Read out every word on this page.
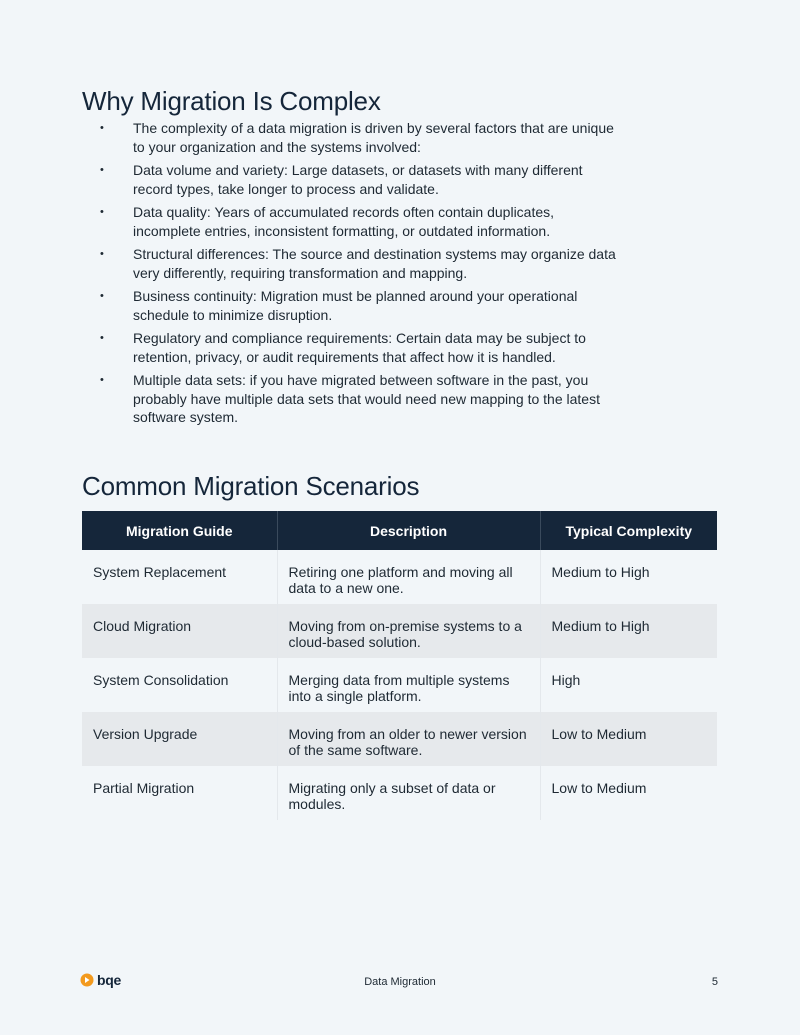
Why Migration Is Complex
• The complexity of a data migration is driven by several factors that are unique to your organization and the systems involved:
• Data volume and variety: Large datasets, or datasets with many different record types, take longer to process and validate.
• Data quality: Years of accumulated records often contain duplicates, incomplete entries, inconsistent formatting, or outdated information.
• Structural differences: The source and destination systems may organize data very differently, requiring transformation and mapping.
• Business continuity: Migration must be planned around your operational schedule to minimize disruption.
• Regulatory and compliance requirements: Certain data may be subject to retention, privacy, or audit requirements that affect how it is handled.
• Multiple data sets: if you have migrated between software in the past, you probably have multiple data sets that would need new mapping to the latest software system.
Common Migration Scenarios
Migration Guide	Description	Typical Complexity
System Replacement	Retiring one platform and moving all data to a new one.	Medium to High
Cloud Migration	Moving from on-premise systems to a cloud-based solution.	Medium to High
System Consolidation	Merging data from multiple systems into a single platform.	High
Version Upgrade	Moving from an older to newer version of the same software.	Low to Medium
Partial Migration	Migrating only a subset of data or modules.	Low to Medium
bqe	Data Migration	5
